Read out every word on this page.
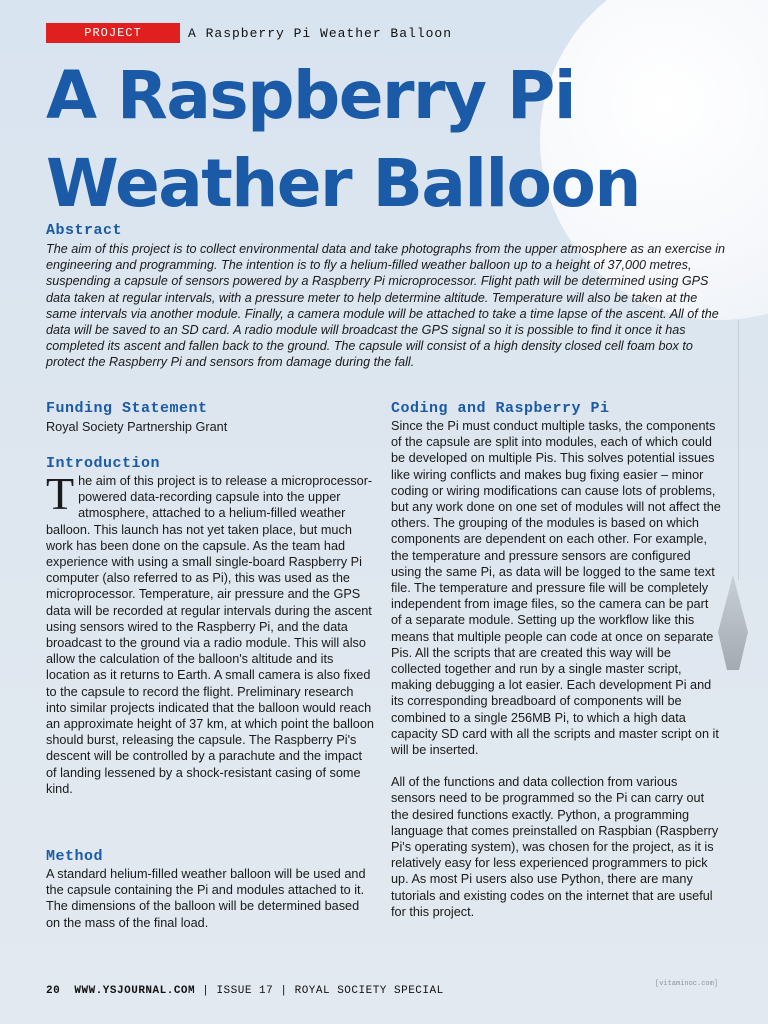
PROJECT	A Raspberry Pi Weather Balloon
A Raspberry Pi
Weather Balloon
Abstract

The aim of this project is to collect environmental data and take photographs from the upper atmosphere as an exercise in engineering and programming. The intention is to fly a helium-filled weather balloon up to a height of 37,000 metres, suspending a capsule of sensors powered by a Raspberry Pi microprocessor. Flight path will be determined using GPS data taken at regular intervals, with a pressure meter to help determine altitude. Temperature will also be taken at the same intervals via another module. Finally, a camera module will be attached to take a time lapse of the ascent. All of the data will be saved to an SD card. A radio module will broadcast the GPS signal so it is possible to find it once it has completed its ascent and fallen back to the ground. The capsule will consist of a high density closed cell foam box to protect the Raspberry Pi and sensors from damage during the fall.

Funding Statement

Royal Society Partnership Grant

Introduction

The aim of this project is to release a microprocessor-powered data-recording capsule into the upper atmosphere, attached to a helium-filled weather balloon. This launch has not yet taken place, but much work has been done on the capsule. As the team had experience with using a small single-board Raspberry Pi computer (also referred to as Pi), this was used as the microprocessor. Temperature, air pressure and the GPS data will be recorded at regular intervals during the ascent using sensors wired to the Raspberry Pi, and the data broadcast to the ground via a radio module. This will also allow the calculation of the balloon's altitude and its location as it returns to Earth. A small camera is also fixed to the capsule to record the flight. Preliminary research into similar projects indicated that the balloon would reach an approximate height of 37 km, at which point the balloon should burst, releasing the capsule. The Raspberry Pi's descent will be controlled by a parachute and the impact of landing lessened by a shock-resistant casing of some kind.

Method

A standard helium-filled weather balloon will be used and the capsule containing the Pi and modules attached to it. The dimensions of the balloon will be determined based on the mass of the final load.

Coding and Raspberry Pi

Since the Pi must conduct multiple tasks, the components of the capsule are split into modules, each of which could be developed on multiple Pis. This solves potential issues like wiring conflicts and makes bug fixing easier – minor coding or wiring modifications can cause lots of problems, but any work done on one set of modules will not affect the others. The grouping of the modules is based on which components are dependent on each other. For example, the temperature and pressure sensors are configured using the same Pi, as data will be logged to the same text file. The temperature and pressure file will be completely independent from image files, so the camera can be part of a separate module. Setting up the workflow like this means that multiple people can code at once on separate Pis. All the scripts that are created this way will be collected together and run by a single master script, making debugging a lot easier. Each development Pi and its corresponding breadboard of components will be combined to a single 256MB Pi, to which a high data capacity SD card with all the scripts and master script on it will be inserted.

All of the functions and data collection from various sensors need to be programmed so the Pi can carry out the desired functions exactly. Python, a programming language that comes preinstalled on Raspbian (Raspberry Pi's operating system), was chosen for the project, as it is relatively easy for less experienced programmers to pick up. As most Pi users also use Python, there are many tutorials and existing codes on the internet that are useful for this project.

20 WWW.YSJOURNAL.COM | ISSUE 17 | ROYAL SOCIETY SPECIAL
[vitaminoc.com]
